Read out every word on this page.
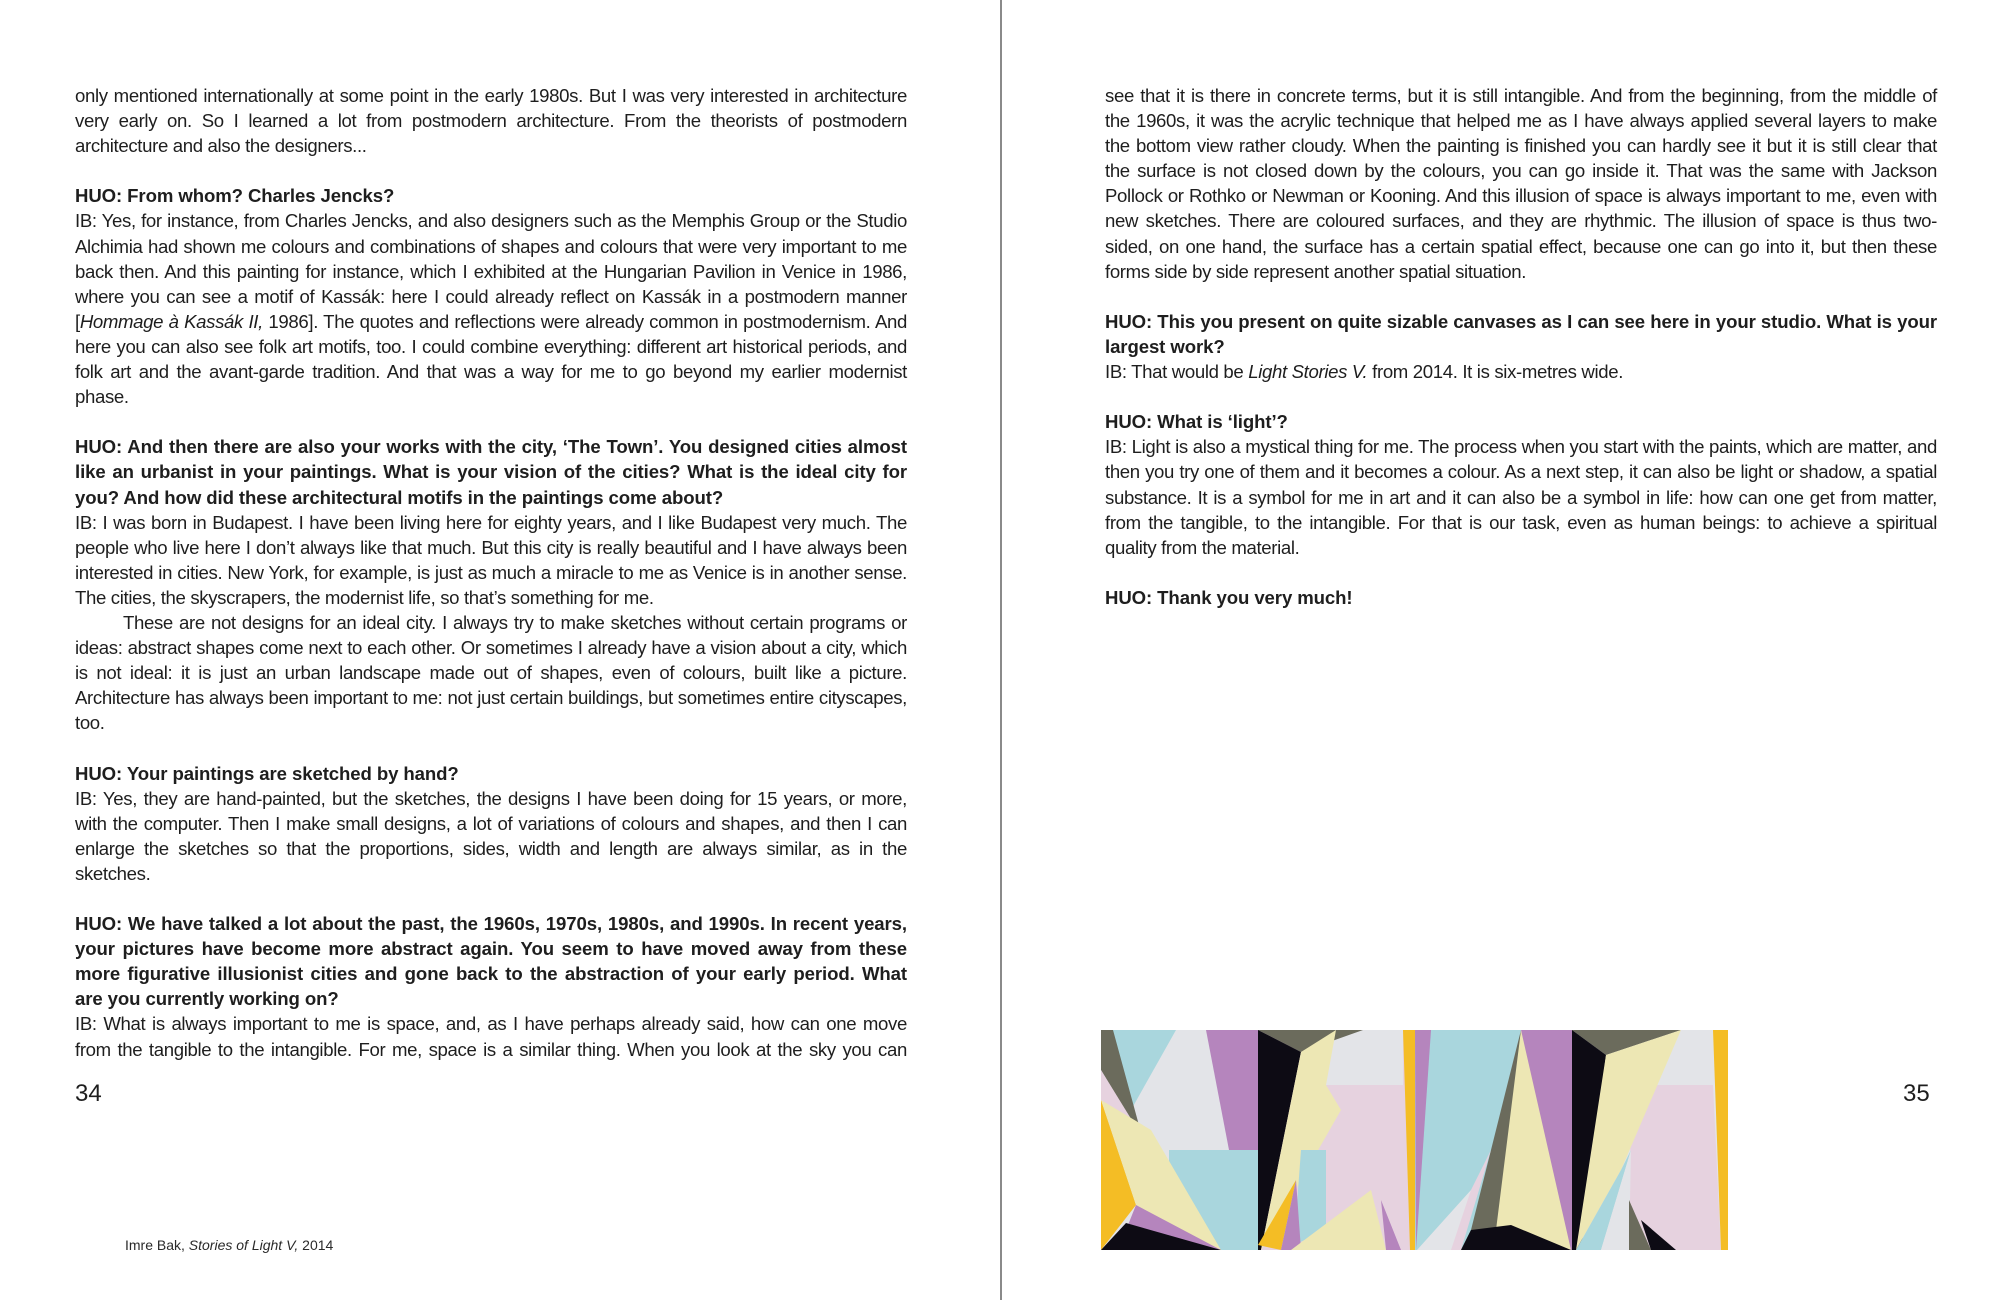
only mentioned internationally at some point in the early 1980s. But I was very interested in architecture very early on. So I learned a lot from postmodern architecture. From the theorists of postmodern architecture and also the designers...

HUO: From whom? Charles Jencks?

IB: Yes, for instance, from Charles Jencks, and also designers such as the Memphis Group or the Studio Alchimia had shown me colours and combinations of shapes and colours that were very important to me back then. And this painting for instance, which I exhibited at the Hungarian Pavilion in Venice in 1986, where you can see a motif of Kassák: here I could already reflect on Kassák in a postmodern manner [Hommage à Kassák II, 1986]. The quotes and reflections were already common in postmodernism. And here you can also see folk art motifs, too. I could combine everything: different art historical periods, and folk art and the avant-garde tradition. And that was a way for me to go beyond my earlier modernist phase.

HUO: And then there are also your works with the city, ‘The Town’. You designed cities almost like an urbanist in your paintings. What is your vision of the cities? What is the ideal city for you? And how did these architectural motifs in the paintings come about?

IB: I was born in Budapest. I have been living here for eighty years, and I like Budapest very much. The people who live here I don’t always like that much. But this city is really beautiful and I have always been interested in cities. New York, for example, is just as much a miracle to me as Venice is in another sense. The cities, the skyscrapers, the modernist life, so that’s something for me.

These are not designs for an ideal city. I always try to make sketches without certain programs or ideas: abstract shapes come next to each other. Or sometimes I already have a vision about a city, which is not ideal: it is just an urban landscape made out of shapes, even of colours, built like a picture. Architecture has always been important to me: not just certain buildings, but sometimes entire cityscapes, too.

HUO: Your paintings are sketched by hand?

IB: Yes, they are hand-painted, but the sketches, the designs I have been doing for 15 years, or more, with the computer. Then I make small designs, a lot of variations of colours and shapes, and then I can enlarge the sketches so that the proportions, sides, width and length are always similar, as in the sketches.

HUO: We have talked a lot about the past, the 1960s, 1970s, 1980s, and 1990s. In recent years, your pictures have become more abstract again. You seem to have moved away from these more figurative illusionist cities and gone back to the abstraction of your early period. What are you currently working on?

IB: What is always important to me is space, and, as I have perhaps already said, how can one move from the tangible to the intangible. For me, space is a similar thing. When you look at the sky you can

34
Imre Bak, Stories of Light V, 2014

see that it is there in concrete terms, but it is still intangible. And from the beginning, from the middle of the 1960s, it was the acrylic technique that helped me as I have always applied several layers to make the bottom view rather cloudy. When the painting is finished you can hardly see it but it is still clear that the surface is not closed down by the colours, you can go inside it. That was the same with Jackson Pollock or Rothko or Newman or Kooning. And this illusion of space is always important to me, even with new sketches. There are coloured surfaces, and they are rhythmic. The illusion of space is thus two-sided, on one hand, the surface has a certain spatial effect, because one can go into it, but then these forms side by side represent another spatial situation.

HUO: This you present on quite sizable canvases as I can see here in your studio. What is your largest work?

IB: That would be Light Stories V. from 2014. It is six-metres wide.

HUO: What is ‘light’?

IB: Light is also a mystical thing for me. The process when you start with the paints, which are matter, and then you try one of them and it becomes a colour. As a next step, it can also be light or shadow, a spatial substance. It is a symbol for me in art and it can also be a symbol in life: how can one get from matter, from the tangible, to the intangible. For that is our task, even as human beings: to achieve a spiritual quality from the material.

HUO: Thank you very much!

35
